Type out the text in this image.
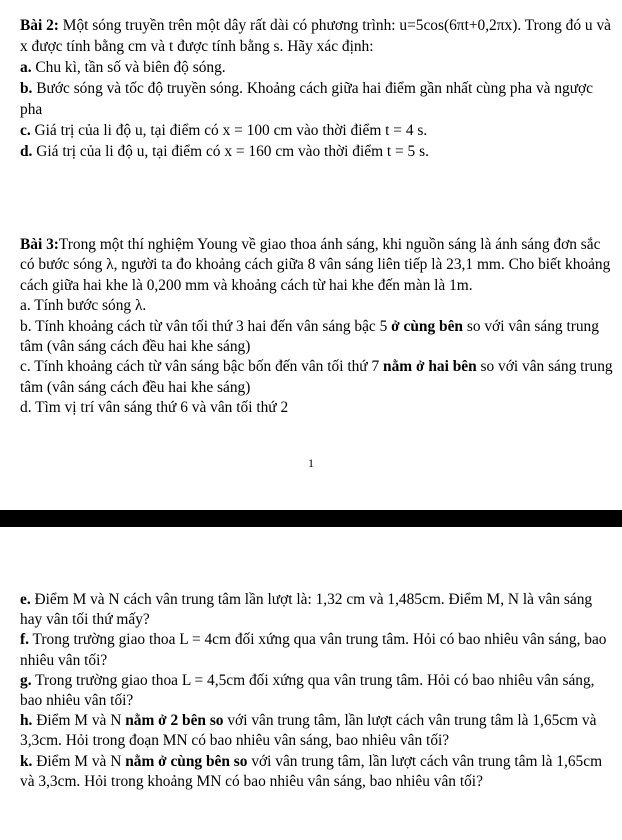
Bài 2: Một sóng truyền trên một dây rất dài có phương trình: u=5cos(6πt+0,2πx). Trong đó u và x được tính bằng cm và t được tính bằng s. Hãy xác định:

a. Chu kì, tần số và biên độ sóng.

b. Bước sóng và tốc độ truyền sóng. Khoảng cách giữa hai điểm gần nhất cùng pha và ngược pha

c. Giá trị của li độ u, tại điểm có x = 100 cm vào thời điểm t = 4 s.

d. Giá trị của li độ u, tại điểm có x = 160 cm vào thời điểm t = 5 s.

Bài 3:Trong một thí nghiệm Young về giao thoa ánh sáng, khi nguồn sáng là ánh sáng đơn sắc có bước sóng λ, người ta đo khoảng cách giữa 8 vân sáng liên tiếp là 23,1 mm. Cho biết khoảng cách giữa hai khe là 0,200 mm và khoảng cách từ hai khe đến màn là 1m.

a. Tính bước sóng λ.

b. Tính khoảng cách từ vân tối thứ 3 hai đến vân sáng bậc 5 ở cùng bên so với vân sáng trung tâm (vân sáng cách đều hai khe sáng)

c. Tính khoảng cách từ vân sáng bậc bốn đến vân tối thứ 7 nằm ở hai bên so với vân sáng trung tâm (vân sáng cách đều hai khe sáng)

d. Tìm vị trí vân sáng thứ 6 và vân tối thứ 2

1

e. Điểm M và N cách vân trung tâm lần lượt là: 1,32 cm và 1,485cm. Điểm M, N là vân sáng hay vân tối thứ mấy?

f. Trong trường giao thoa L = 4cm đối xứng qua vân trung tâm. Hỏi có bao nhiêu vân sáng, bao nhiêu vân tối?

g. Trong trường giao thoa L = 4,5cm đối xứng qua vân trung tâm. Hỏi có bao nhiêu vân sáng, bao nhiêu vân tối?

h. Điểm M và N nằm ở 2 bên so với vân trung tâm, lần lượt cách vân trung tâm là 1,65cm và 3,3cm. Hỏi trong đoạn MN có bao nhiêu vân sáng, bao nhiêu vân tối?

k. Điểm M và N nằm ở cùng bên so với vân trung tâm, lần lượt cách vân trung tâm là 1,65cm và 3,3cm. Hỏi trong khoảng MN có bao nhiêu vân sáng, bao nhiêu vân tối?
